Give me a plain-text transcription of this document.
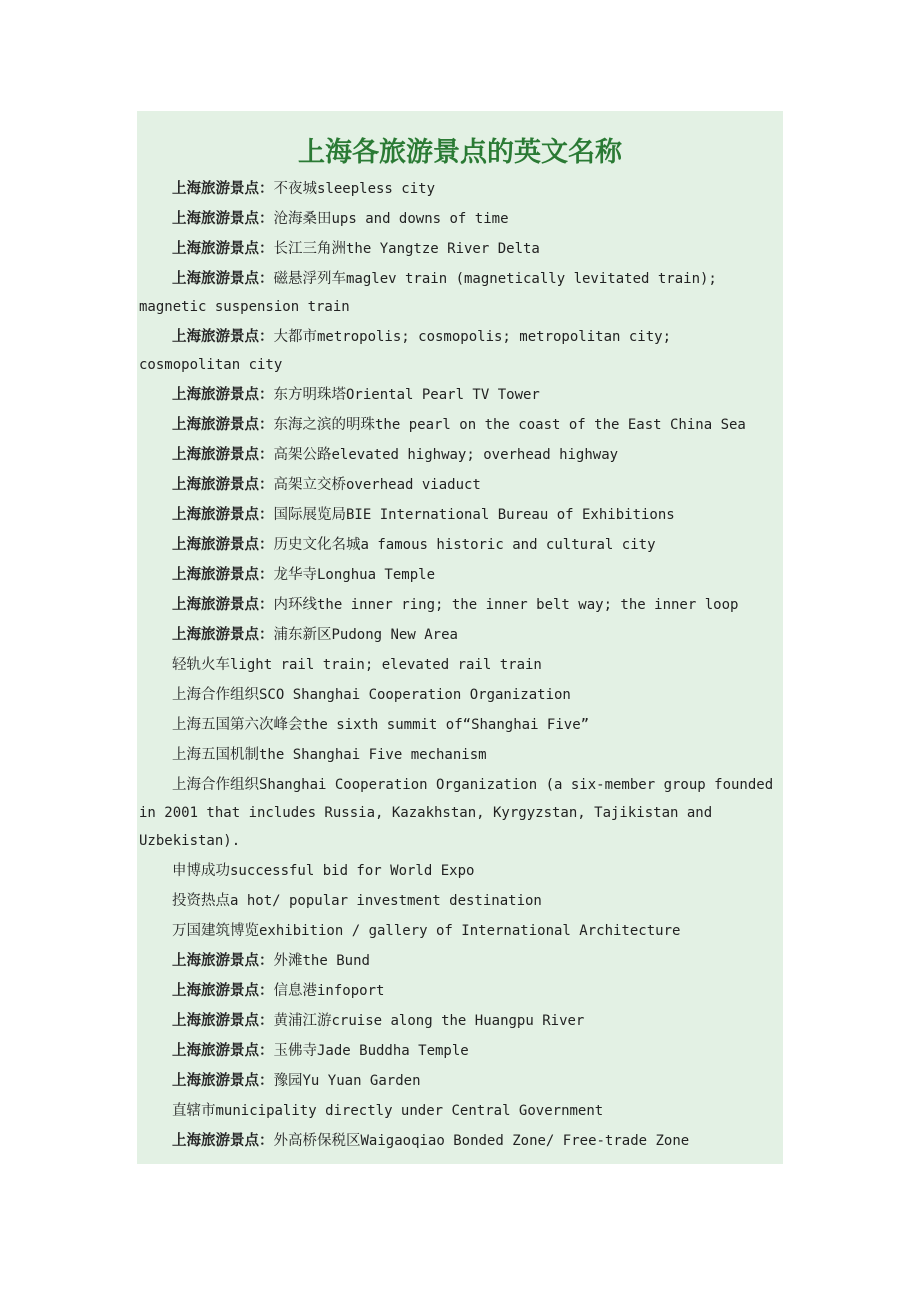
上海各旅游景点的英文名称
上海旅游景点：不夜城sleepless city
上海旅游景点：沧海桑田ups and downs of time
上海旅游景点：长江三角洲the Yangtze River Delta
上海旅游景点：磁悬浮列车maglev train (magnetically levitated train);
magnetic suspension train
上海旅游景点：大都市metropolis; cosmopolis; metropolitan city;
cosmopolitan city
上海旅游景点：东方明珠塔Oriental Pearl TV Tower
上海旅游景点：东海之滨的明珠the pearl on the coast of the East China Sea
上海旅游景点：高架公路elevated highway; overhead highway
上海旅游景点：高架立交桥overhead viaduct
上海旅游景点：国际展览局BIE International Bureau of Exhibitions
上海旅游景点：历史文化名城a famous historic and cultural city
上海旅游景点：龙华寺Longhua Temple
上海旅游景点：内环线the inner ring; the inner belt way; the inner loop
上海旅游景点：浦东新区Pudong New Area
轻轨火车light rail train; elevated rail train
上海合作组织SCO Shanghai Cooperation Organization
上海五国第六次峰会the sixth summit of“Shanghai Five”
上海五国机制the Shanghai Five mechanism
上海合作组织Shanghai Cooperation Organization (a six-member group founded
in 2001 that includes Russia, Kazakhstan, Kyrgyzstan, Tajikistan and
Uzbekistan).
申博成功successful bid for World Expo
投资热点a hot/ popular investment destination
万国建筑博览exhibition / gallery of International Architecture
上海旅游景点：外滩the Bund
上海旅游景点：信息港infoport
上海旅游景点：黄浦江游cruise along the Huangpu River
上海旅游景点：玉佛寺Jade Buddha Temple
上海旅游景点：豫园Yu Yuan Garden
直辖市municipality directly under Central Government
上海旅游景点：外高桥保税区Waigaoqiao Bonded Zone/ Free-trade Zone
